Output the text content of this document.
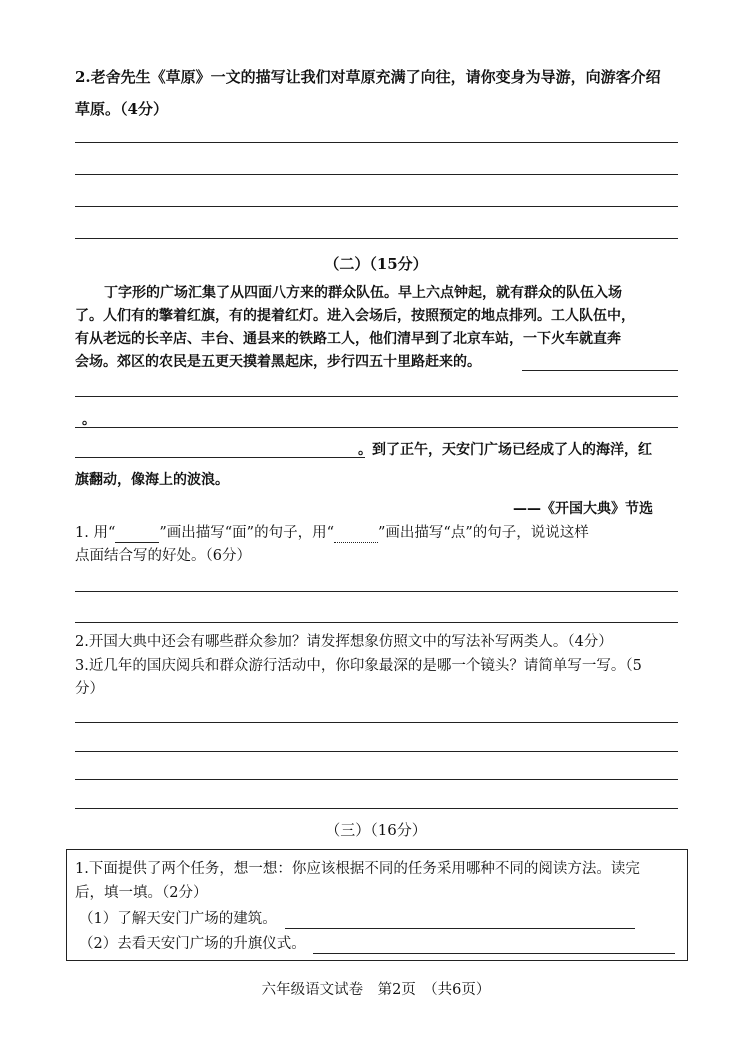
2.老舍先生《草原》一文的描写让我们对草原充满了向往，请你变身为导游，向游客介绍
草原。（4分）
（二）（15分）
丁字形的广场汇集了从四面八方来的群众队伍。早上六点钟起，就有群众的队伍入场
了。人们有的擎着红旗，有的提着红灯。进入会场后，按照预定的地点排列。工人队伍中，
有从老远的长辛店、丰台、通县来的铁路工人，他们清早到了北京车站，一下火车就直奔
会场。郊区的农民是五更天摸着黑起床，步行四五十里路赶来的。
。
。到了正午，天安门广场已经成了人的海洋，红
旗翻动，像海上的波浪。
——《开国大典》节选
1. 用“	”画出描写“面”的句子，用“	”画出描写“点”的句子，说说这样
点面结合写的好处。（6分）
2.开国大典中还会有哪些群众参加？请发挥想象仿照文中的写法补写两类人。（4分）
3.近几年的国庆阅兵和群众游行活动中，你印象最深的是哪一个镜头？请简单写一写。（5
分）
（三）（16分）
1.下面提供了两个任务，想一想：你应该根据不同的任务采用哪种不同的阅读方法。读完
后，填一填。（2分）
（1）了解天安门广场的建筑。
（2）去看天安门广场的升旗仪式。
六年级语文试卷　第2页　（共6页）
